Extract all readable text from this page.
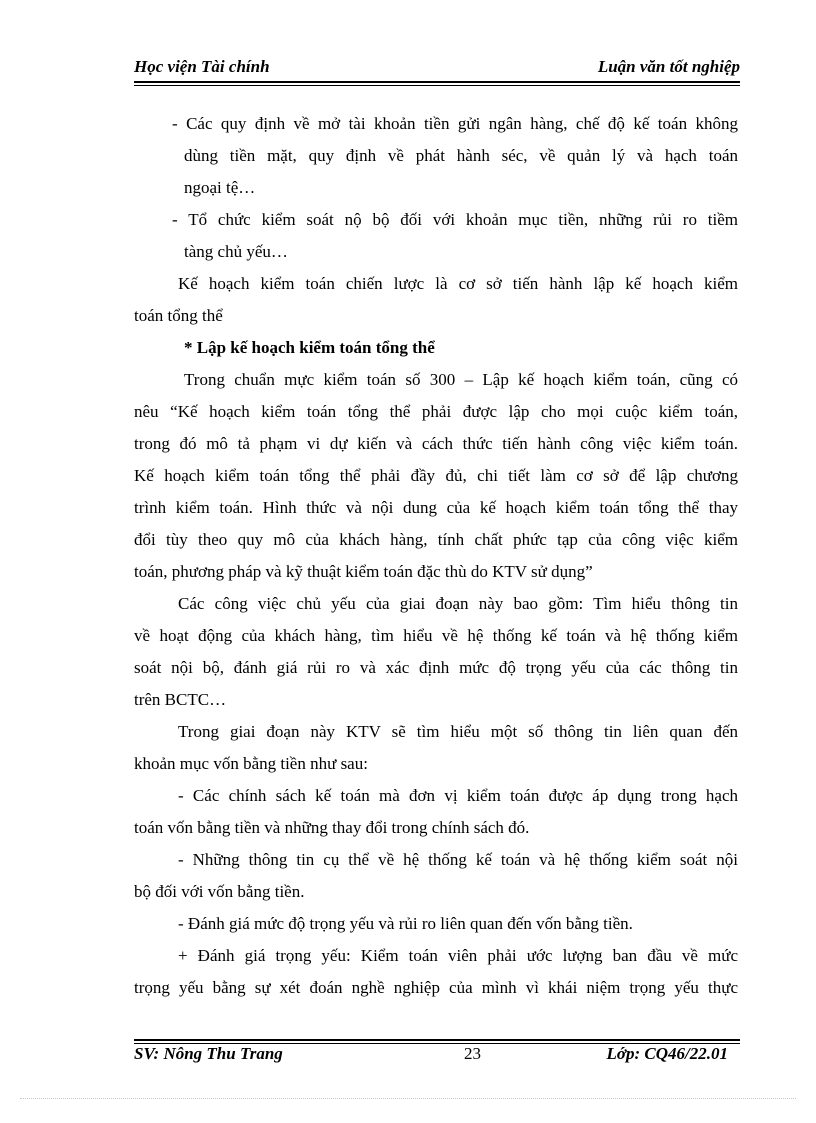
Học viện Tài chính	Luận văn tốt nghiệp
- Các quy định về mở tài khoản tiền gửi ngân hàng, chế độ kế toán không
dùng tiền mặt, quy định về phát hành séc, về quản lý và hạch toán
ngoại tệ…
- Tổ chức kiểm soát nộ bộ đối với khoản mục tiền, những rủi ro tiềm
tàng chủ yếu…
Kế hoạch kiểm toán chiến lược là cơ sở tiến hành lập kế hoạch kiểm
toán tổng thể
* Lập kế hoạch kiểm toán tổng thể
Trong chuẩn mực kiểm toán số 300 – Lập kế hoạch kiểm toán, cũng có
nêu “Kế hoạch kiểm toán tổng thể phải được lập cho mọi cuộc kiểm toán,
trong đó mô tả phạm vi dự kiến và cách thức tiến hành công việc kiểm toán.
Kế hoạch kiểm toán tổng thể phải đầy đủ, chi tiết làm cơ sở để lập chương
trình kiểm toán. Hình thức và nội dung của kế hoạch kiểm toán tổng thể thay
đổi tùy theo quy mô của khách hàng, tính chất phức tạp của công việc kiểm
toán, phương pháp và kỹ thuật kiểm toán đặc thù do KTV sử dụng”
Các công việc chủ yếu của giai đoạn này bao gồm: Tìm hiểu thông tin
về hoạt động của khách hàng, tìm hiểu về hệ thống kế toán và hệ thống kiểm
soát nội bộ, đánh giá rủi ro và xác định mức độ trọng yếu của các thông tin
trên BCTC…
Trong giai đoạn này KTV sẽ tìm hiểu một số thông tin liên quan đến
khoản mục vốn bằng tiền như sau:
- Các chính sách kế toán mà đơn vị kiểm toán được áp dụng trong hạch
toán vốn bằng tiền và những thay đổi trong chính sách đó.
- Những thông tin cụ thể về hệ thống kế toán và hệ thống kiểm soát nội
bộ đối với vốn bằng tiền.
- Đánh giá mức độ trọng yếu và rủi ro liên quan đến vốn bằng tiền.
+ Đánh giá trọng yếu: Kiểm toán viên phải ước lượng ban đầu về mức
trọng yếu bằng sự xét đoán nghề nghiệp của mình vì khái niệm trọng yếu thực
SV: Nông Thu Trang	23	Lớp: CQ46/22.01
